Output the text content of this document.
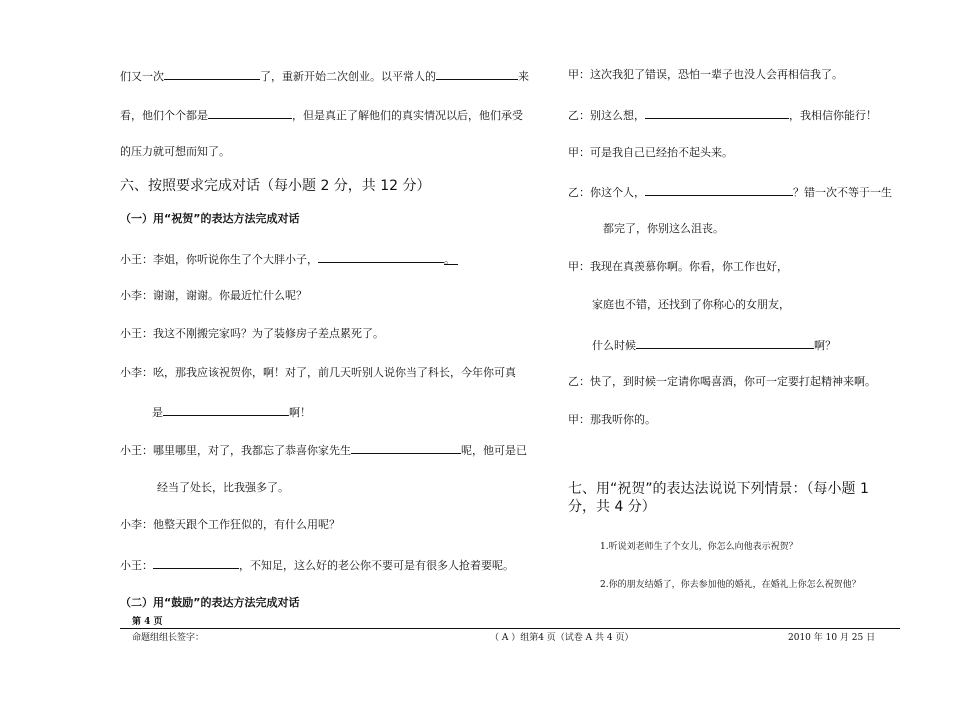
们又一次	了，重新开始二次创业。以平常人的	来
看，他们个个都是	，但是真正了解他们的真实情况以后，他们承受
的压力就可想而知了。
六、按照要求完成对话（每小题 2 分，共 12 分）
（一）用“祝贺”的表达方法完成对话
小王：李姐，你听说你生了个大胖小子，	。
小李：谢谢，谢谢。你最近忙什么呢？
小王：我这不刚搬完家吗？为了装修房子差点累死了。
小李：吆，那我应该祝贺你，啊！对了，前几天听别人说你当了科长，今年你可真
是	啊！
小王：哪里哪里，对了，我都忘了恭喜你家先生	呢，他可是已
经当了处长，比我强多了。
小李：他整天跟个工作狂似的，有什么用呢？
小王：	，不知足，这么好的老公你不要可是有很多人抢着要呢。
（二）用“鼓励”的表达方法完成对话
甲：这次我犯了错误，恐怕一辈子也没人会再相信我了。
乙：别这么想，	，我相信你能行！
甲：可是我自己已经抬不起头来。
乙：你这个人，	？错一次不等于一生
都完了，你别这么沮丧。
甲：我现在真羡慕你啊。你看，你工作也好，
家庭也不错，还找到了你称心的女朋友，
什么时候	啊？
乙：快了，到时候一定请你喝喜酒，你可一定要打起精神来啊。
甲：那我听你的。
七、用“祝贺”的表达法说说下列情景：（每小题 1
分，共 4 分）
1.听说刘老师生了个女儿，你怎么向他表示祝贺？
2.你的朋友结婚了，你去参加他的婚礼，在婚礼上你怎么祝贺他？
第 4 页
命题组组长签字：	（ A ）组第4 页（试卷 A 共 4 页）	2010 年 10 月 25 日
